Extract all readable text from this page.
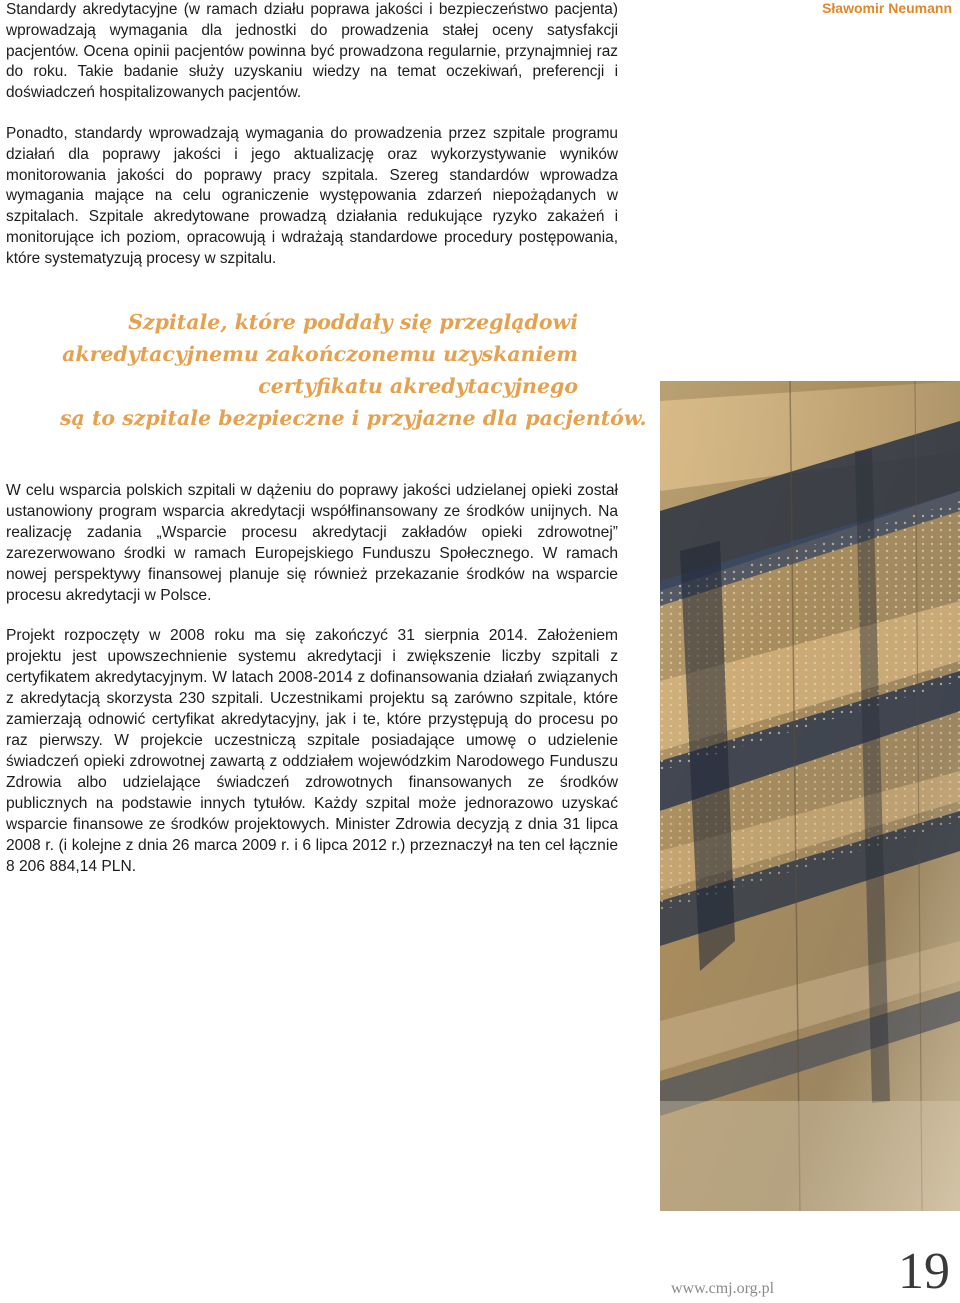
Sławomir Neumann

Standardy akredytacyjne (w ramach działu poprawa jakości i bezpieczeństwo pacjenta) wprowadzają wymagania dla jednostki do prowadzenia stałej oceny satysfakcji pacjentów. Ocena opinii pacjentów powinna być prowadzona regularnie, przynajmniej raz do roku. Takie badanie służy uzyskaniu wiedzy na temat oczekiwań, preferencji i doświadczeń hospitalizowanych pacjentów.

Ponadto, standardy wprowadzają wymagania do prowadzenia przez szpitale programu działań dla poprawy jakości i jego aktualizację oraz wykorzystywanie wyników monitorowania jakości do poprawy pracy szpitala. Szereg standardów wprowadza wymagania mające na celu ograniczenie występowania zdarzeń niepożądanych w szpitalach. Szpitale akredytowane prowadzą działania redukujące ryzyko zakażeń i monitorujące ich poziom, opracowują i wdrażają standardowe procedury postępowania, które systematyzują procesy w szpitalu.

Szpitale, które poddały się przeglądowi
akredytacyjnemu zakończonemu uzyskaniem
certyfikatu akredytacyjnego
są to szpitale bezpieczne i przyjazne dla pacjentów.

W celu wsparcia polskich szpitali w dążeniu do poprawy jakości udzielanej opieki został ustanowiony program wsparcia akredytacji współfinansowany ze środków unijnych. Na realizację zadania „Wsparcie procesu akredytacji zakładów opieki zdrowotnej” zarezerwowano środki w ramach Europejskiego Funduszu Społecznego. W ramach nowej perspektywy finansowej planuje się również przekazanie środków na wsparcie procesu akredytacji w Polsce.

Projekt rozpoczęty w 2008 roku ma się zakończyć 31 sierpnia 2014. Założeniem projektu jest upowszechnienie systemu akredytacji i zwiększenie liczby szpitali z certyfikatem akredytacyjnym. W latach 2008-2014 z dofinansowania działań związanych z akredytacją skorzysta 230 szpitali. Uczestnikami projektu są zarówno szpitale, które zamierzają odnowić certyfikat akredytacyjny, jak i te, które przystępują do procesu po raz pierwszy. W projekcie uczestniczą szpitale posiadające umowę o udzielenie świadczeń opieki zdrowotnej zawartą z oddziałem wojewódzkim Narodowego Funduszu Zdrowia albo udzielające świadczeń zdrowotnych finansowanych ze środków publicznych na podstawie innych tytułów. Każdy szpital może jednorazowo uzyskać wsparcie finansowe ze środków projektowych. Minister Zdrowia decyzją z dnia 31 lipca 2008 r. (i kolejne z dnia 26 marca 2009 r. i 6 lipca 2012 r.) przeznaczył na ten cel łącznie 8 206 884,14 PLN.

www.cmj.org.pl 19
